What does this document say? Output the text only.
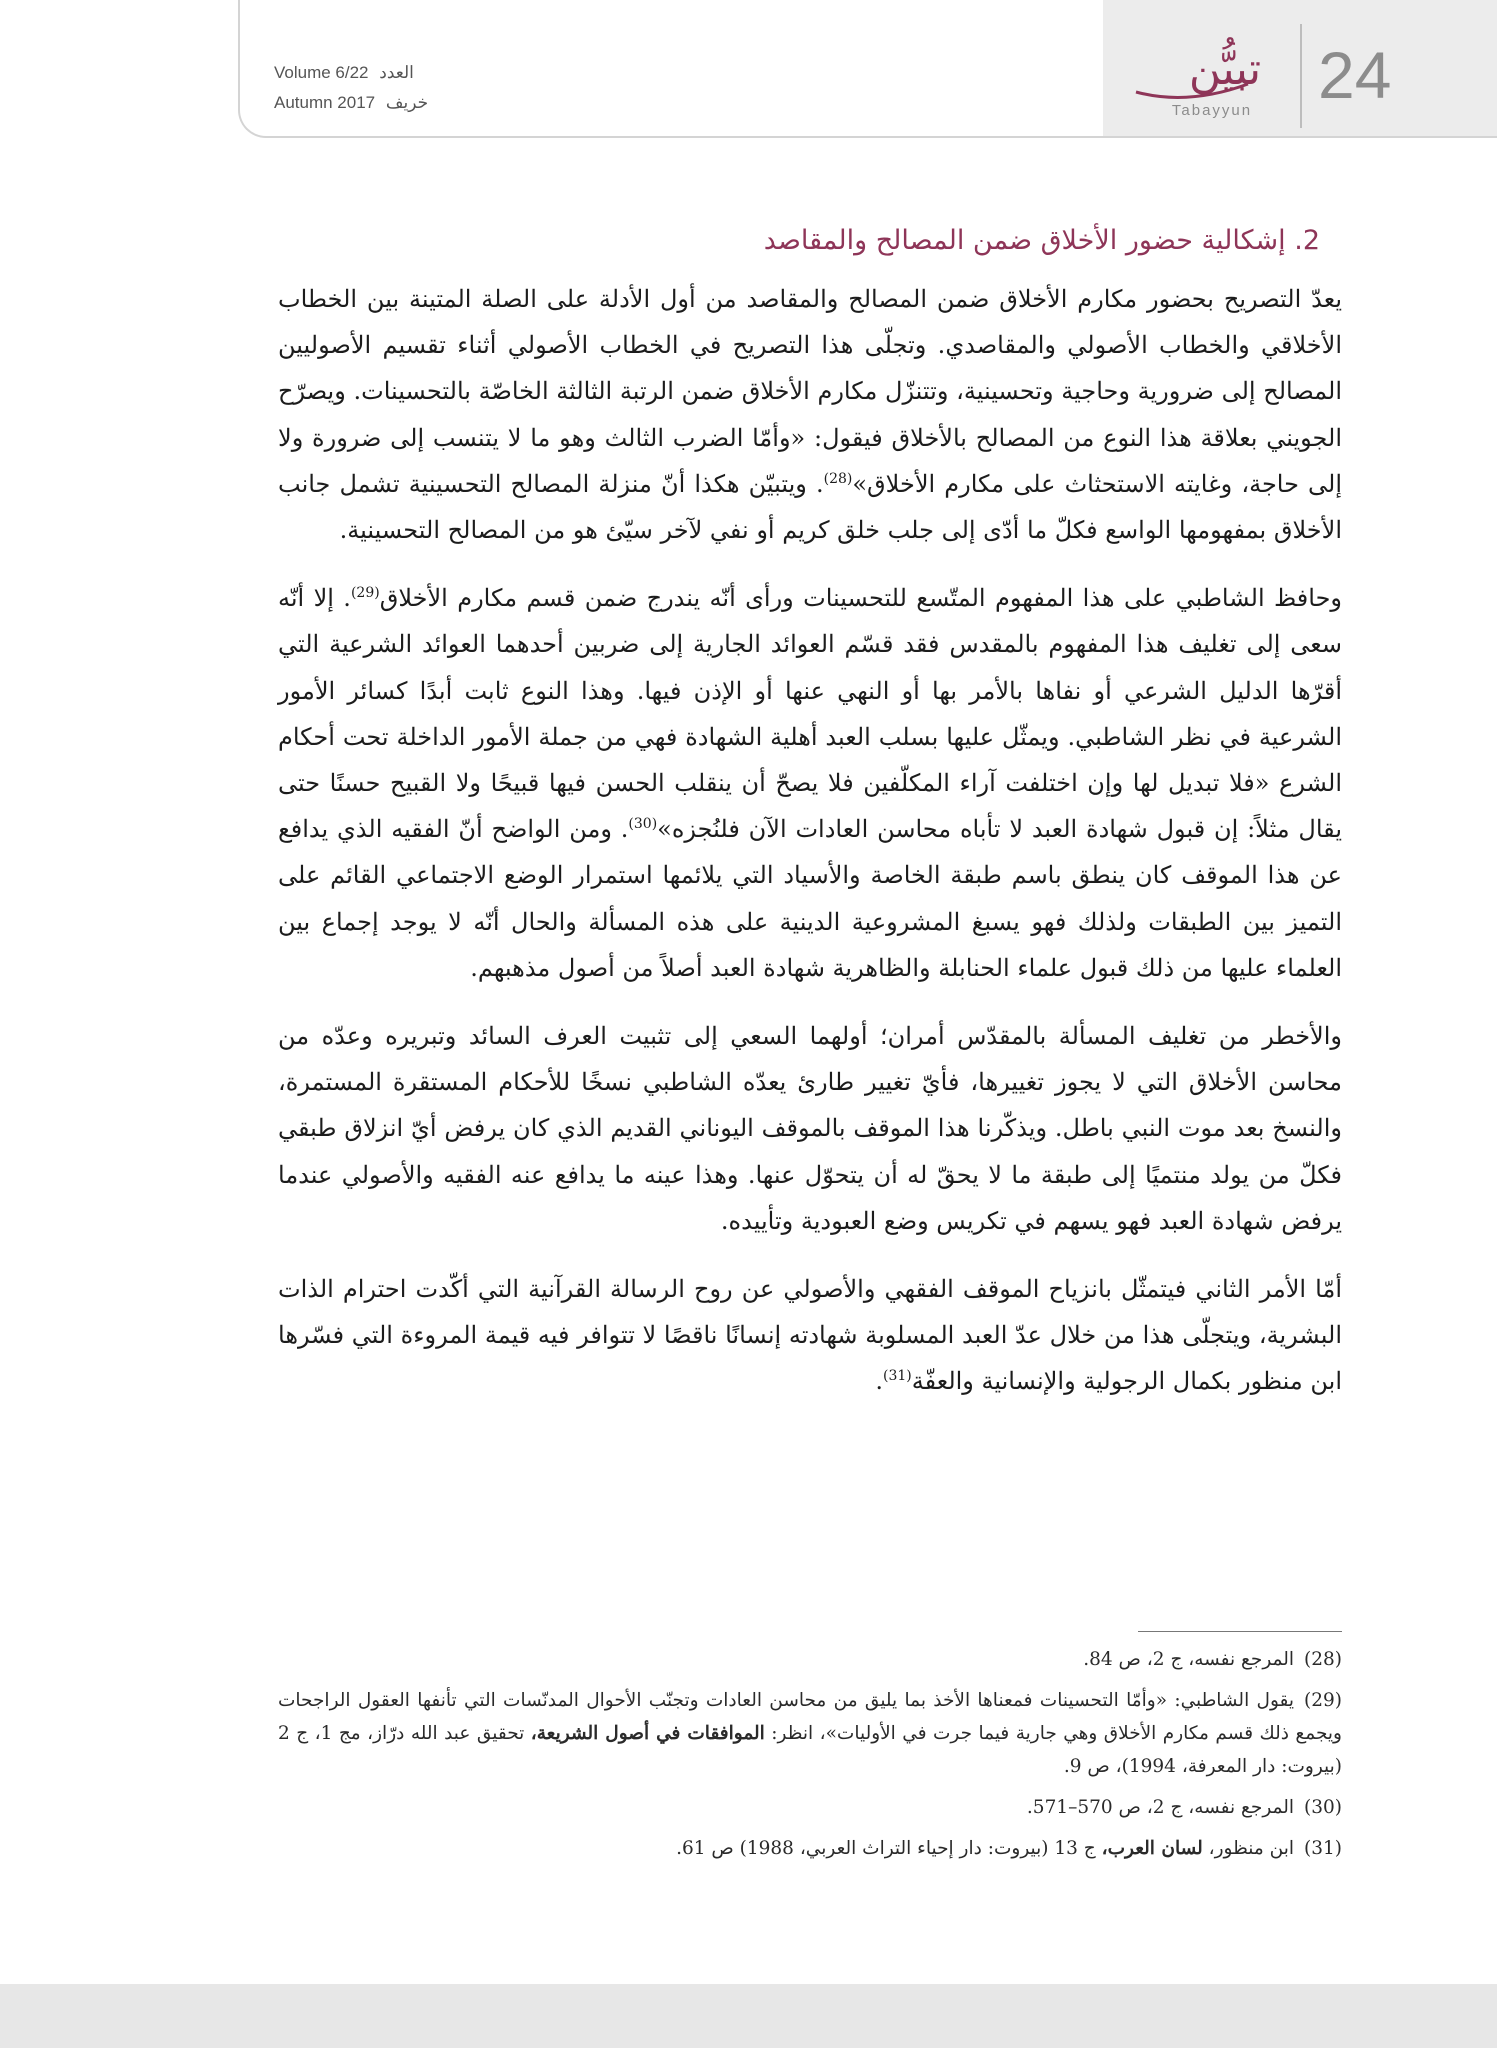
24
تبيُّن
Tabayyun
Volume 6/22 العدد
Autumn 2017 خريف
2. إشكالية حضور الأخلاق ضمن المصالح والمقاصد

يعدّ التصريح بحضور مكارم الأخلاق ضمن المصالح والمقاصد من أول الأدلة على الصلة المتينة بين الخطاب الأخلاقي والخطاب الأصولي والمقاصدي. وتجلّى هذا التصريح في الخطاب الأصولي أثناء تقسيم الأصوليين المصالح إلى ضرورية وحاجية وتحسينية، وتتنزّل مكارم الأخلاق ضمن الرتبة الثالثة الخاصّة بالتحسينات. ويصرّح الجويني بعلاقة هذا النوع من المصالح بالأخلاق فيقول: «وأمّا الضرب الثالث وهو ما لا يتنسب إلى ضرورة ولا إلى حاجة، وغايته الاستحثاث على مكارم الأخلاق»$^{(28)}$. ويتبيّن هكذا أنّ منزلة المصالح التحسينية تشمل جانب الأخلاق بمفهومها الواسع فكلّ ما أدّى إلى جلب خلق كريم أو نفي لآخر سيّئ هو من المصالح التحسينية.

وحافظ الشاطبي على هذا المفهوم المتّسع للتحسينات ورأى أنّه يندرج ضمن قسم مكارم الأخلاق$^{(29)}$. إلا أنّه سعى إلى تغليف هذا المفهوم بالمقدس فقد قسّم العوائد الجارية إلى ضربين أحدهما العوائد الشرعية التي أقرّها الدليل الشرعي أو نفاها بالأمر بها أو النهي عنها أو الإذن فيها. وهذا النوع ثابت أبدًا كسائر الأمور الشرعية في نظر الشاطبي. ويمثّل عليها بسلب العبد أهلية الشهادة فهي من جملة الأمور الداخلة تحت أحكام الشرع «فلا تبديل لها وإن اختلفت آراء المكلّفين فلا يصحّ أن ينقلب الحسن فيها قبيحًا ولا القبيح حسنًا حتى يقال مثلاً: إن قبول شهادة العبد لا تأباه محاسن العادات الآن فلنُجزه»$^{(30)}$. ومن الواضح أنّ الفقيه الذي يدافع عن هذا الموقف كان ينطق باسم طبقة الخاصة والأسياد التي يلائمها استمرار الوضع الاجتماعي القائم على التميز بين الطبقات ولذلك فهو يسبغ المشروعية الدينية على هذه المسألة والحال أنّه لا يوجد إجماع بين العلماء عليها من ذلك قبول علماء الحنابلة والظاهرية شهادة العبد أصلاً من أصول مذهبهم.

والأخطر من تغليف المسألة بالمقدّس أمران؛ أولهما السعي إلى تثبيت العرف السائد وتبريره وعدّه من محاسن الأخلاق التي لا يجوز تغييرها، فأيّ تغيير طارئ يعدّه الشاطبي نسخًا للأحكام المستقرة المستمرة، والنسخ بعد موت النبي باطل. ويذكّرنا هذا الموقف بالموقف اليوناني القديم الذي كان يرفض أيّ انزلاق طبقي فكلّ من يولد منتميًا إلى طبقة ما لا يحقّ له أن يتحوّل عنها. وهذا عينه ما يدافع عنه الفقيه والأصولي عندما يرفض شهادة العبد فهو يسهم في تكريس وضع العبودية وتأييده.

أمّا الأمر الثاني فيتمثّل بانزياح الموقف الفقهي والأصولي عن روح الرسالة القرآنية التي أكّدت احترام الذات البشرية، ويتجلّى هذا من خلال عدّ العبد المسلوبة شهادته إنسانًا ناقصًا لا تتوافر فيه قيمة المروءة التي فسّرها ابن منظور بكمال الرجولية والإنسانية والعفّة$^{(31)}$.

(28)المرجع نفسه، ج 2، ص 84.
(29)يقول الشاطبي: «وأمّا التحسينات فمعناها الأخذ بما يليق من محاسن العادات وتجنّب الأحوال المدنّسات التي تأنفها العقول الراجحات ويجمع ذلك قسم مكارم الأخلاق وهي جارية فيما جرت في الأوليات»، انظر: الموافقات في أصول الشريعة، تحقيق عبد الله درّاز، مج 1، ج 2 (بيروت: دار المعرفة، 1994)، ص 9.
(30)المرجع نفسه، ج 2، ص 570–571.
(31)ابن منظور، لسان العرب، ج 13 (بيروت: دار إحياء التراث العربي، 1988) ص 61.
